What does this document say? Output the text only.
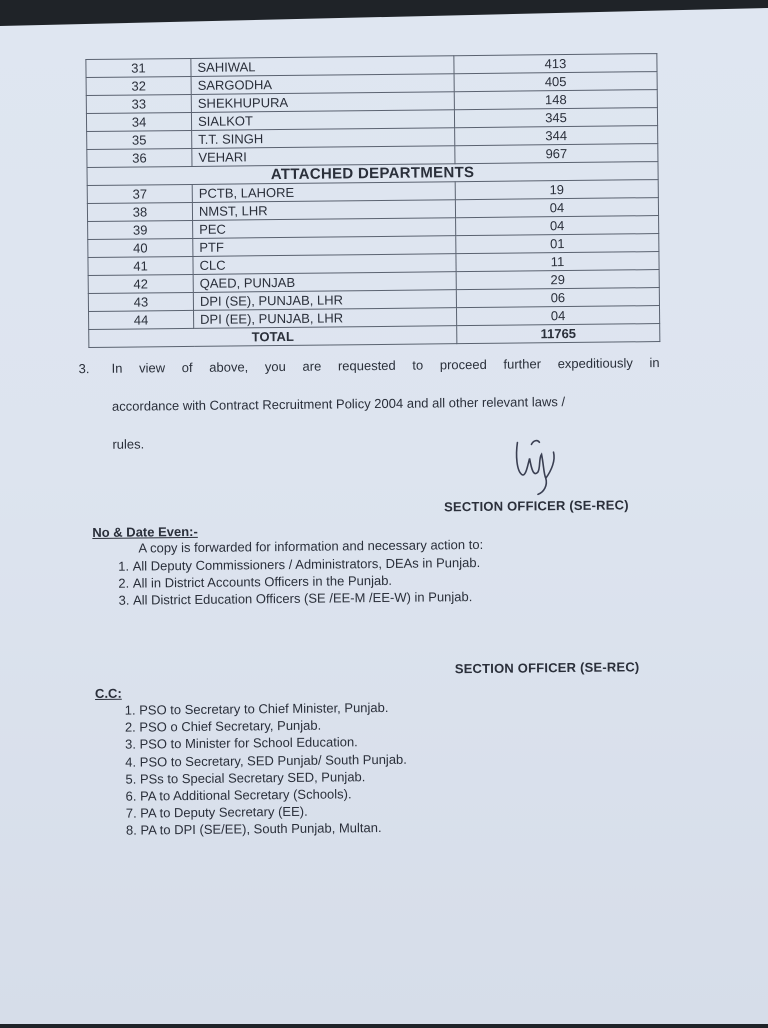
31	SAHIWAL	413
32	SARGODHA	405
33	SHEKHUPURA	148
34	SIALKOT	345
35	T.T. SINGH	344
36	VEHARI	967
ATTACHED DEPARTMENTS		
37	PCTB, LAHORE	19
38	NMST, LHR	04
39	PEC	04
40	PTF	01
41	CLC	11
42	QAED, PUNJAB	29
43	DPI (SE), PUNJAB, LHR	06
44	DPI (EE), PUNJAB, LHR	04
TOTAL		11765
3. In view of above, you are requested to proceed further expeditiously in
accordance with Contract Recruitment Policy 2004 and all other relevant laws /
rules.
SECTION OFFICER (SE-REC)
No & Date Even:-
A copy is forwarded for information and necessary action to:
1. All Deputy Commissioners / Administrators, DEAs in Punjab.
2. All in District Accounts Officers in the Punjab.
3. All District Education Officers (SE /EE-M /EE-W) in Punjab.
SECTION OFFICER (SE-REC)
C.C:
1. PSO to Secretary to Chief Minister, Punjab.
2. PSO o Chief Secretary, Punjab.
3. PSO to Minister for School Education.
4. PSO to Secretary, SED Punjab/ South Punjab.
5. PSs to Special Secretary SED, Punjab.
6. PA to Additional Secretary (Schools).
7. PA to Deputy Secretary (EE).
8. PA to DPI (SE/EE), South Punjab, Multan.
